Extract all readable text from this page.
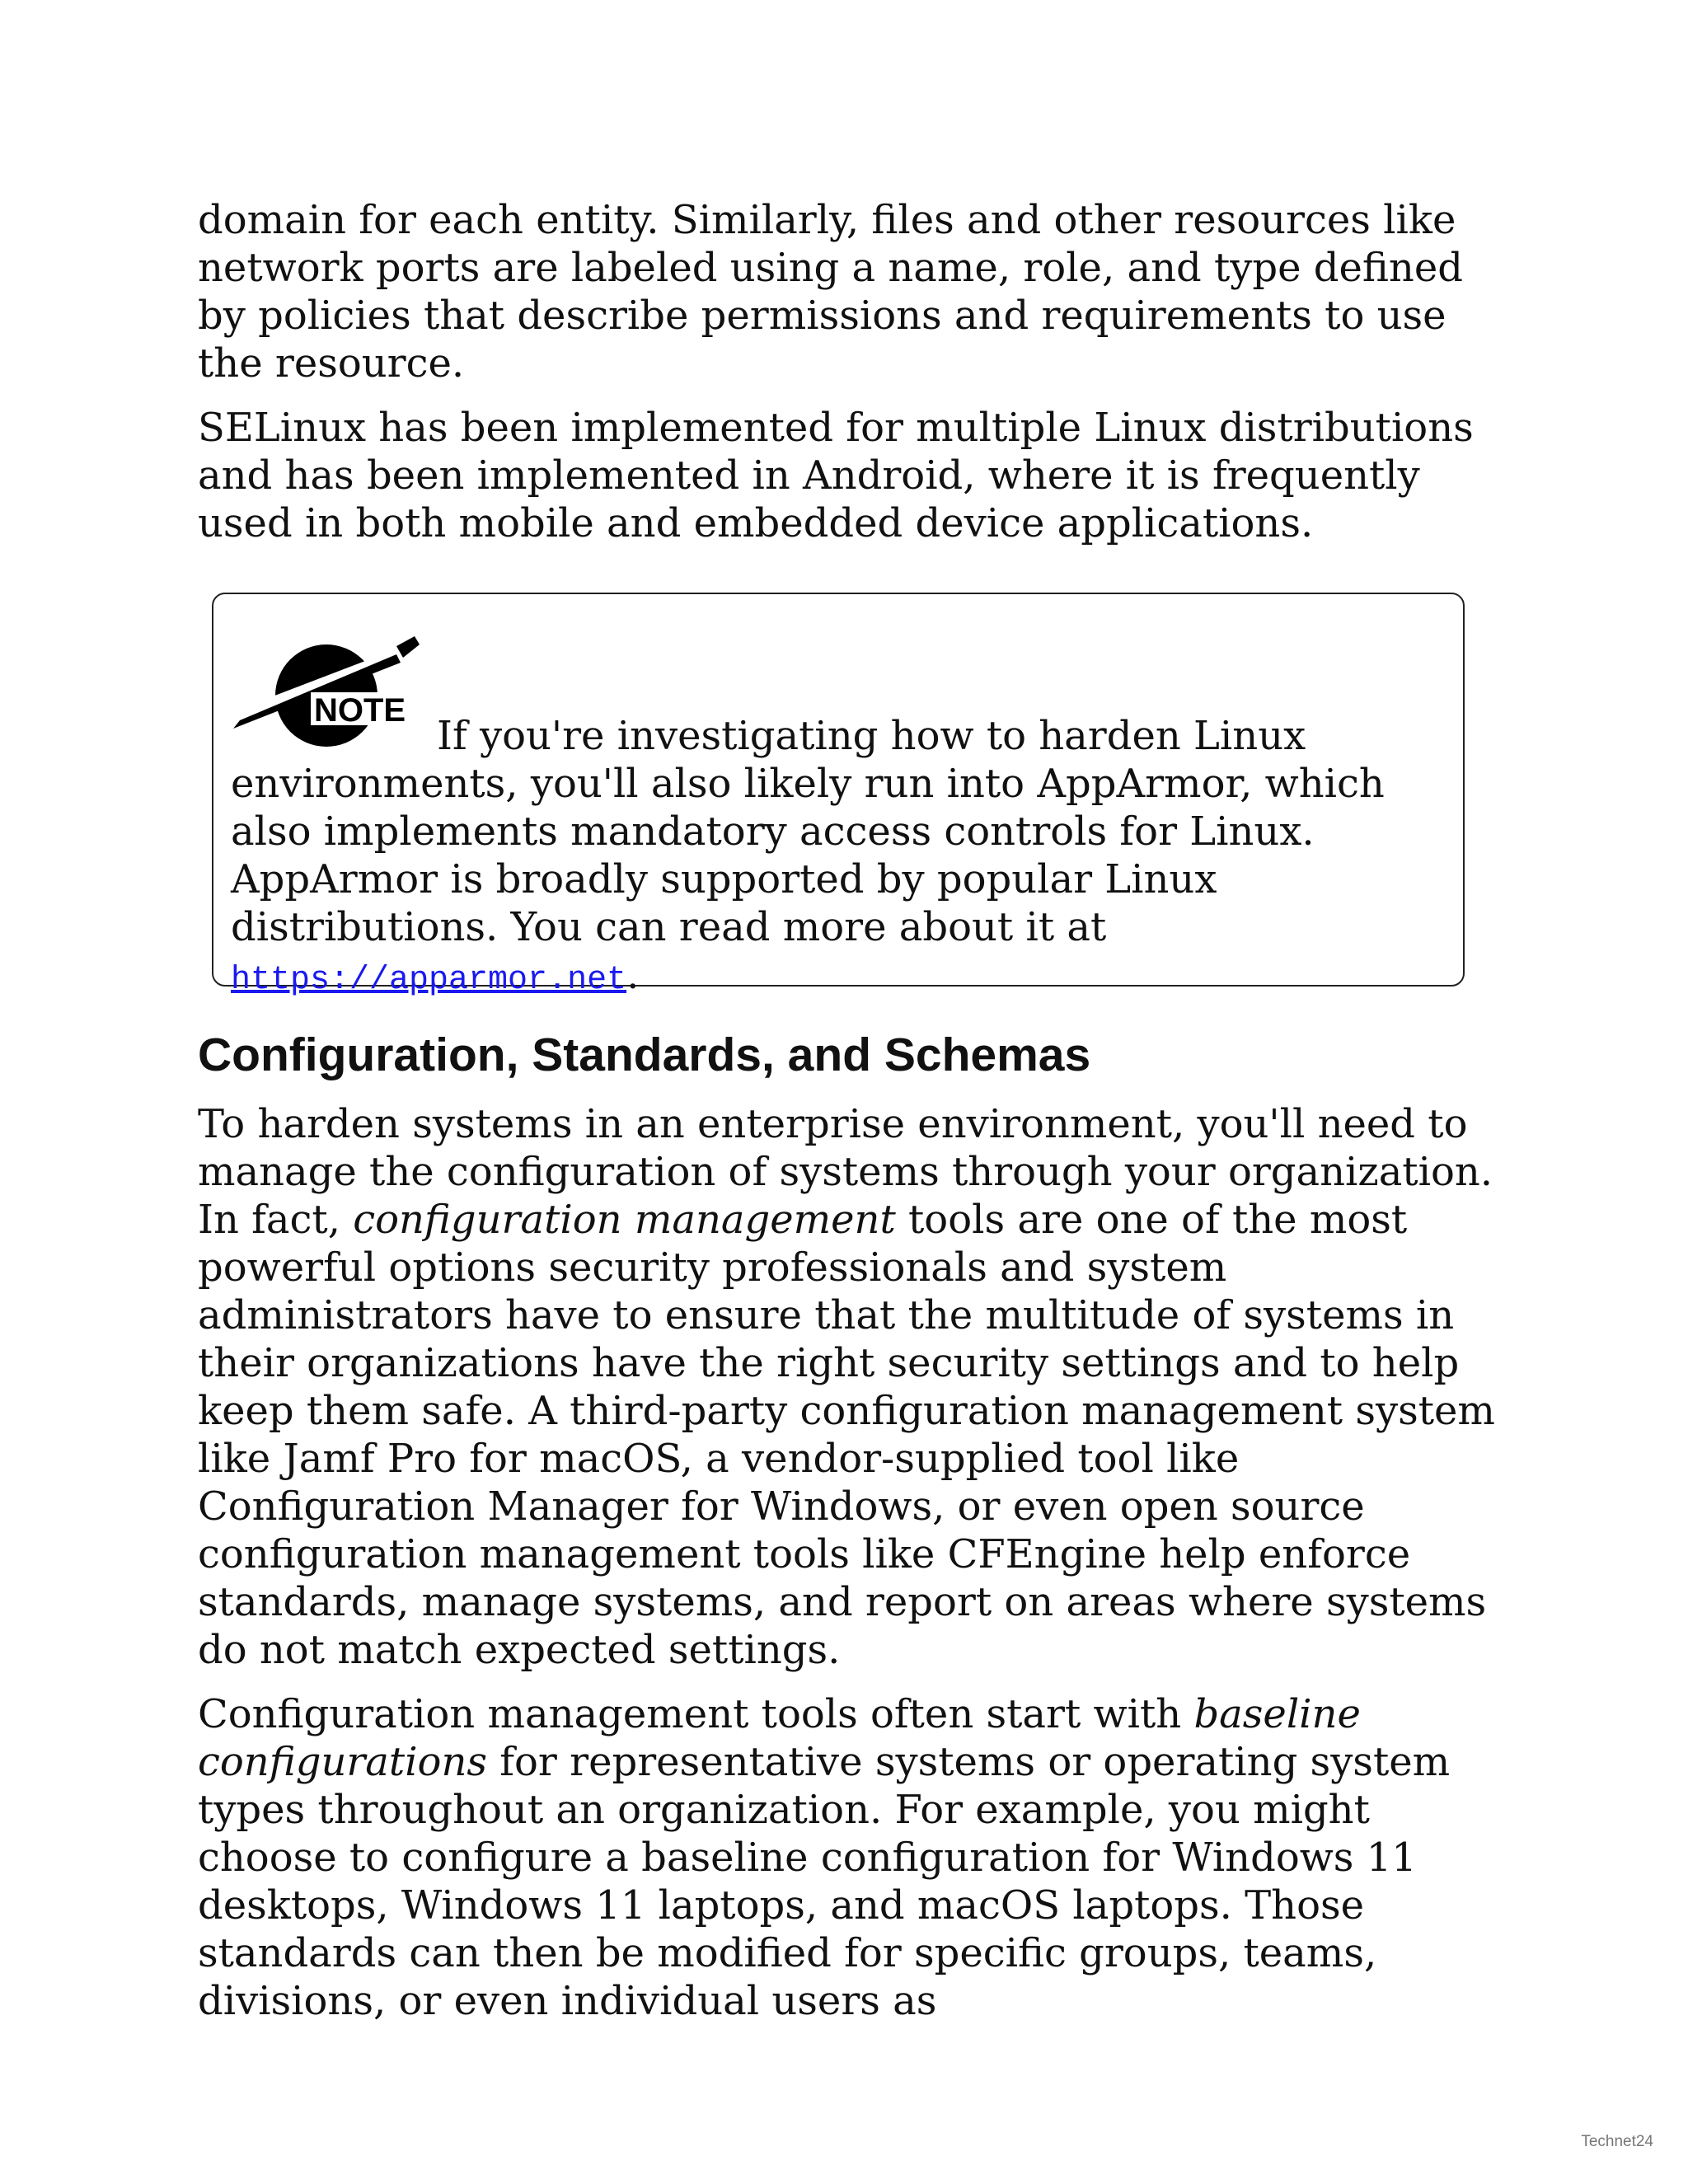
domain for each entity. Similarly, files and other resources like network ports are labeled using a name, role, and type defined by policies that describe permissions and requirements to use the resource.

SELinux has been implemented for multiple Linux distributions and has been implemented in Android, where it is frequently used in both mobile and embedded device applications.

NOTE

If you're investigating how to harden Linuxenvironments, you'll also likely run into AppArmor, which also implements mandatory access controls for Linux. AppArmor is broadly supported by popular Linux distributions. You can read more about it at https://apparmor.net.

Configuration, Standards, and Schemas

To harden systems in an enterprise environment, you'll need to manage the configuration of systems through your organization. In fact, configuration management tools are one of the most powerful options security professionals and system administrators have to ensure that the multitude of systems in their organizations have the right security settings and to help keep them safe. A third-party configuration management system like Jamf Pro for macOS, a vendor-supplied tool like Configuration Manager for Windows, or even open source configuration management tools like CFEngine help enforce standards, manage systems, and report on areas where systems do not match expected settings.

Configuration management tools often start with baseline configurations for representative systems or operating system types throughout an organization. For example, you might choose to configure a baseline configuration for Windows 11 desktops, Windows 11 laptops, and macOS laptops. Those standards can then be modified for specific groups, teams, divisions, or even individual users as

Technet24
